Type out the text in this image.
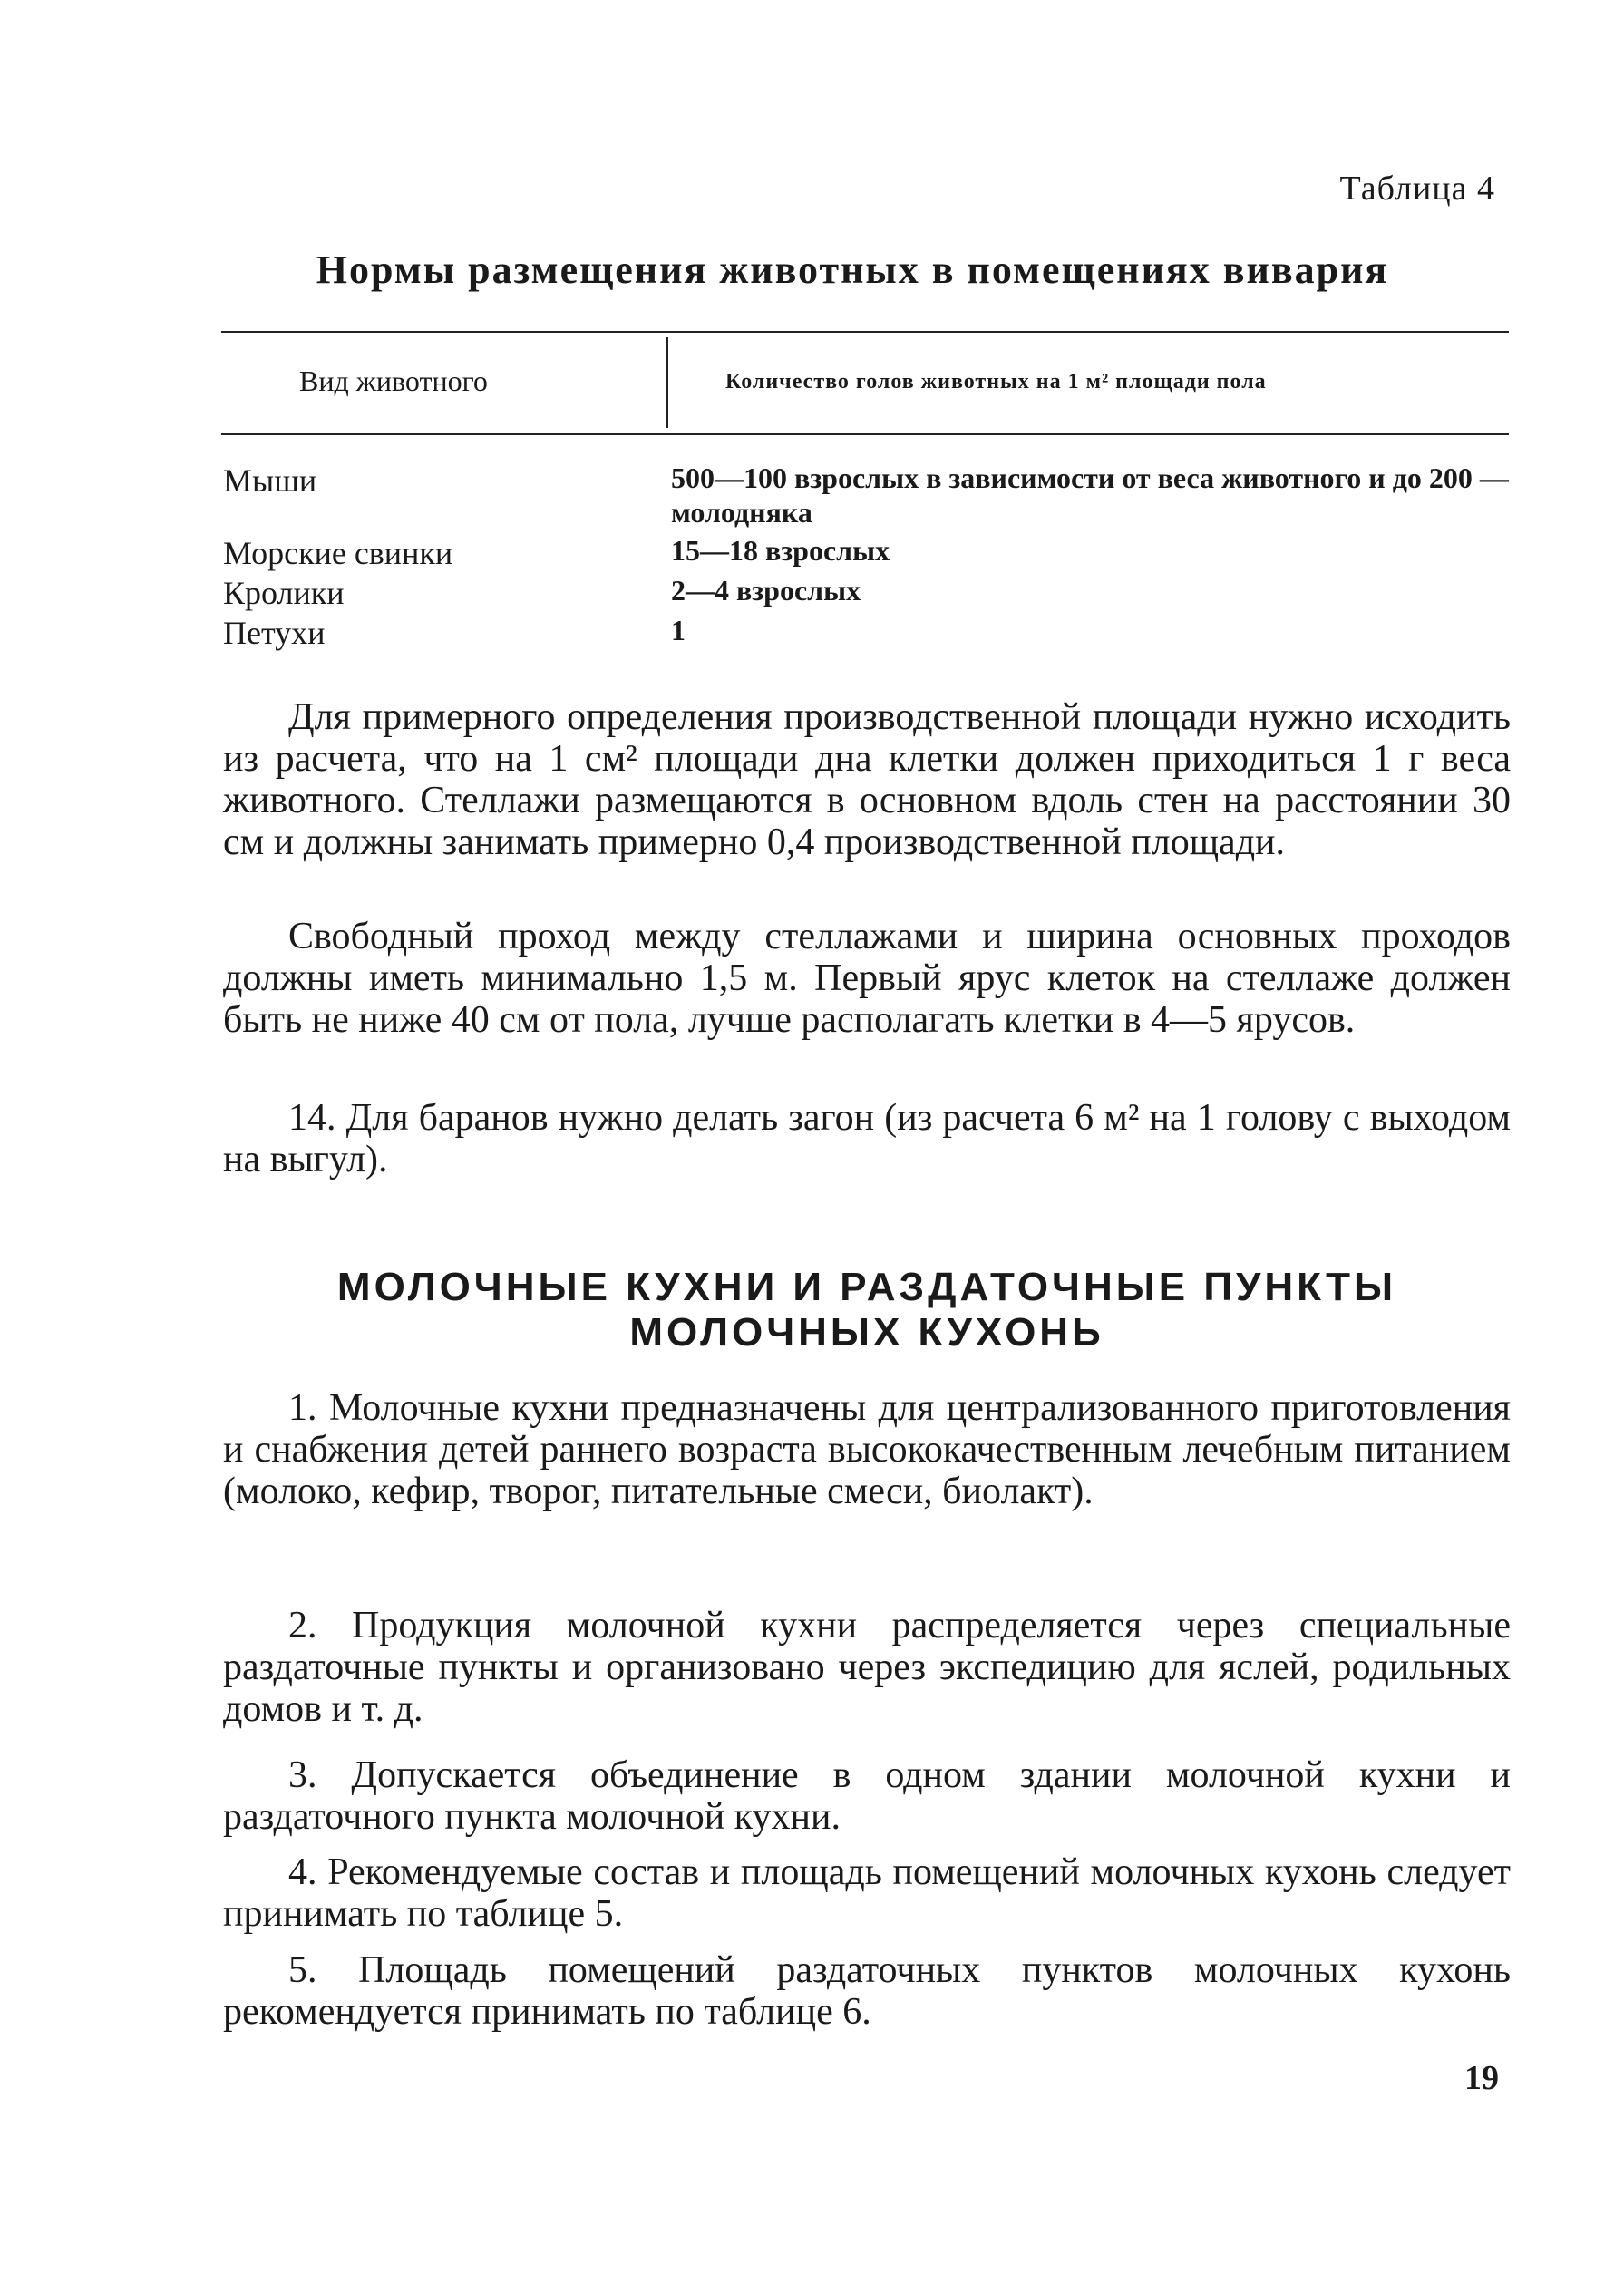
Таблица 4
Нормы размещения животных в помещениях вивария
Вид животного	Количество голов животных на 1 м² площади пола
Мыши	500—100 взрослых в зависимости от веса животного и до 200 — молодняка
Морские свинки	15—18 взрослых
Кролики	2—4 взрослых
Петухи	1
Для примерного определения производственной площади нужно исходить из расчета, что на 1 см² площади дна клетки должен приходиться 1 г веса животного. Стеллажи размещаются в основном вдоль стен на расстоянии 30 см и должны занимать примерно 0,4 производственной площади.
Свободный проход между стеллажами и ширина основных проходов должны иметь минимально 1,5 м. Первый ярус клеток на стеллаже должен быть не ниже 40 см от пола, лучше располагать клетки в 4—5 ярусов.
14. Для баранов нужно делать загон (из расчета 6 м² на 1 голову с выходом на выгул).
МОЛОЧНЫЕ КУХНИ И РАЗДАТОЧНЫЕ ПУНКТЫ
МОЛОЧНЫХ КУХОНЬ
1. Молочные кухни предназначены для централизованного приготовления и снабжения детей раннего возраста высококачественным лечебным питанием (молоко, кефир, творог, питательные смеси, биолакт).
2. Продукция молочной кухни распределяется через специальные раздаточные пункты и организовано через экспедицию для яслей, родильных домов и т. д.
3. Допускается объединение в одном здании молочной кухни и раздаточного пункта молочной кухни.
4. Рекомендуемые состав и площадь помещений молочных кухонь следует принимать по таблице 5.
5. Площадь помещений раздаточных пунктов молочных кухонь рекомендуется принимать по таблице 6.
19
